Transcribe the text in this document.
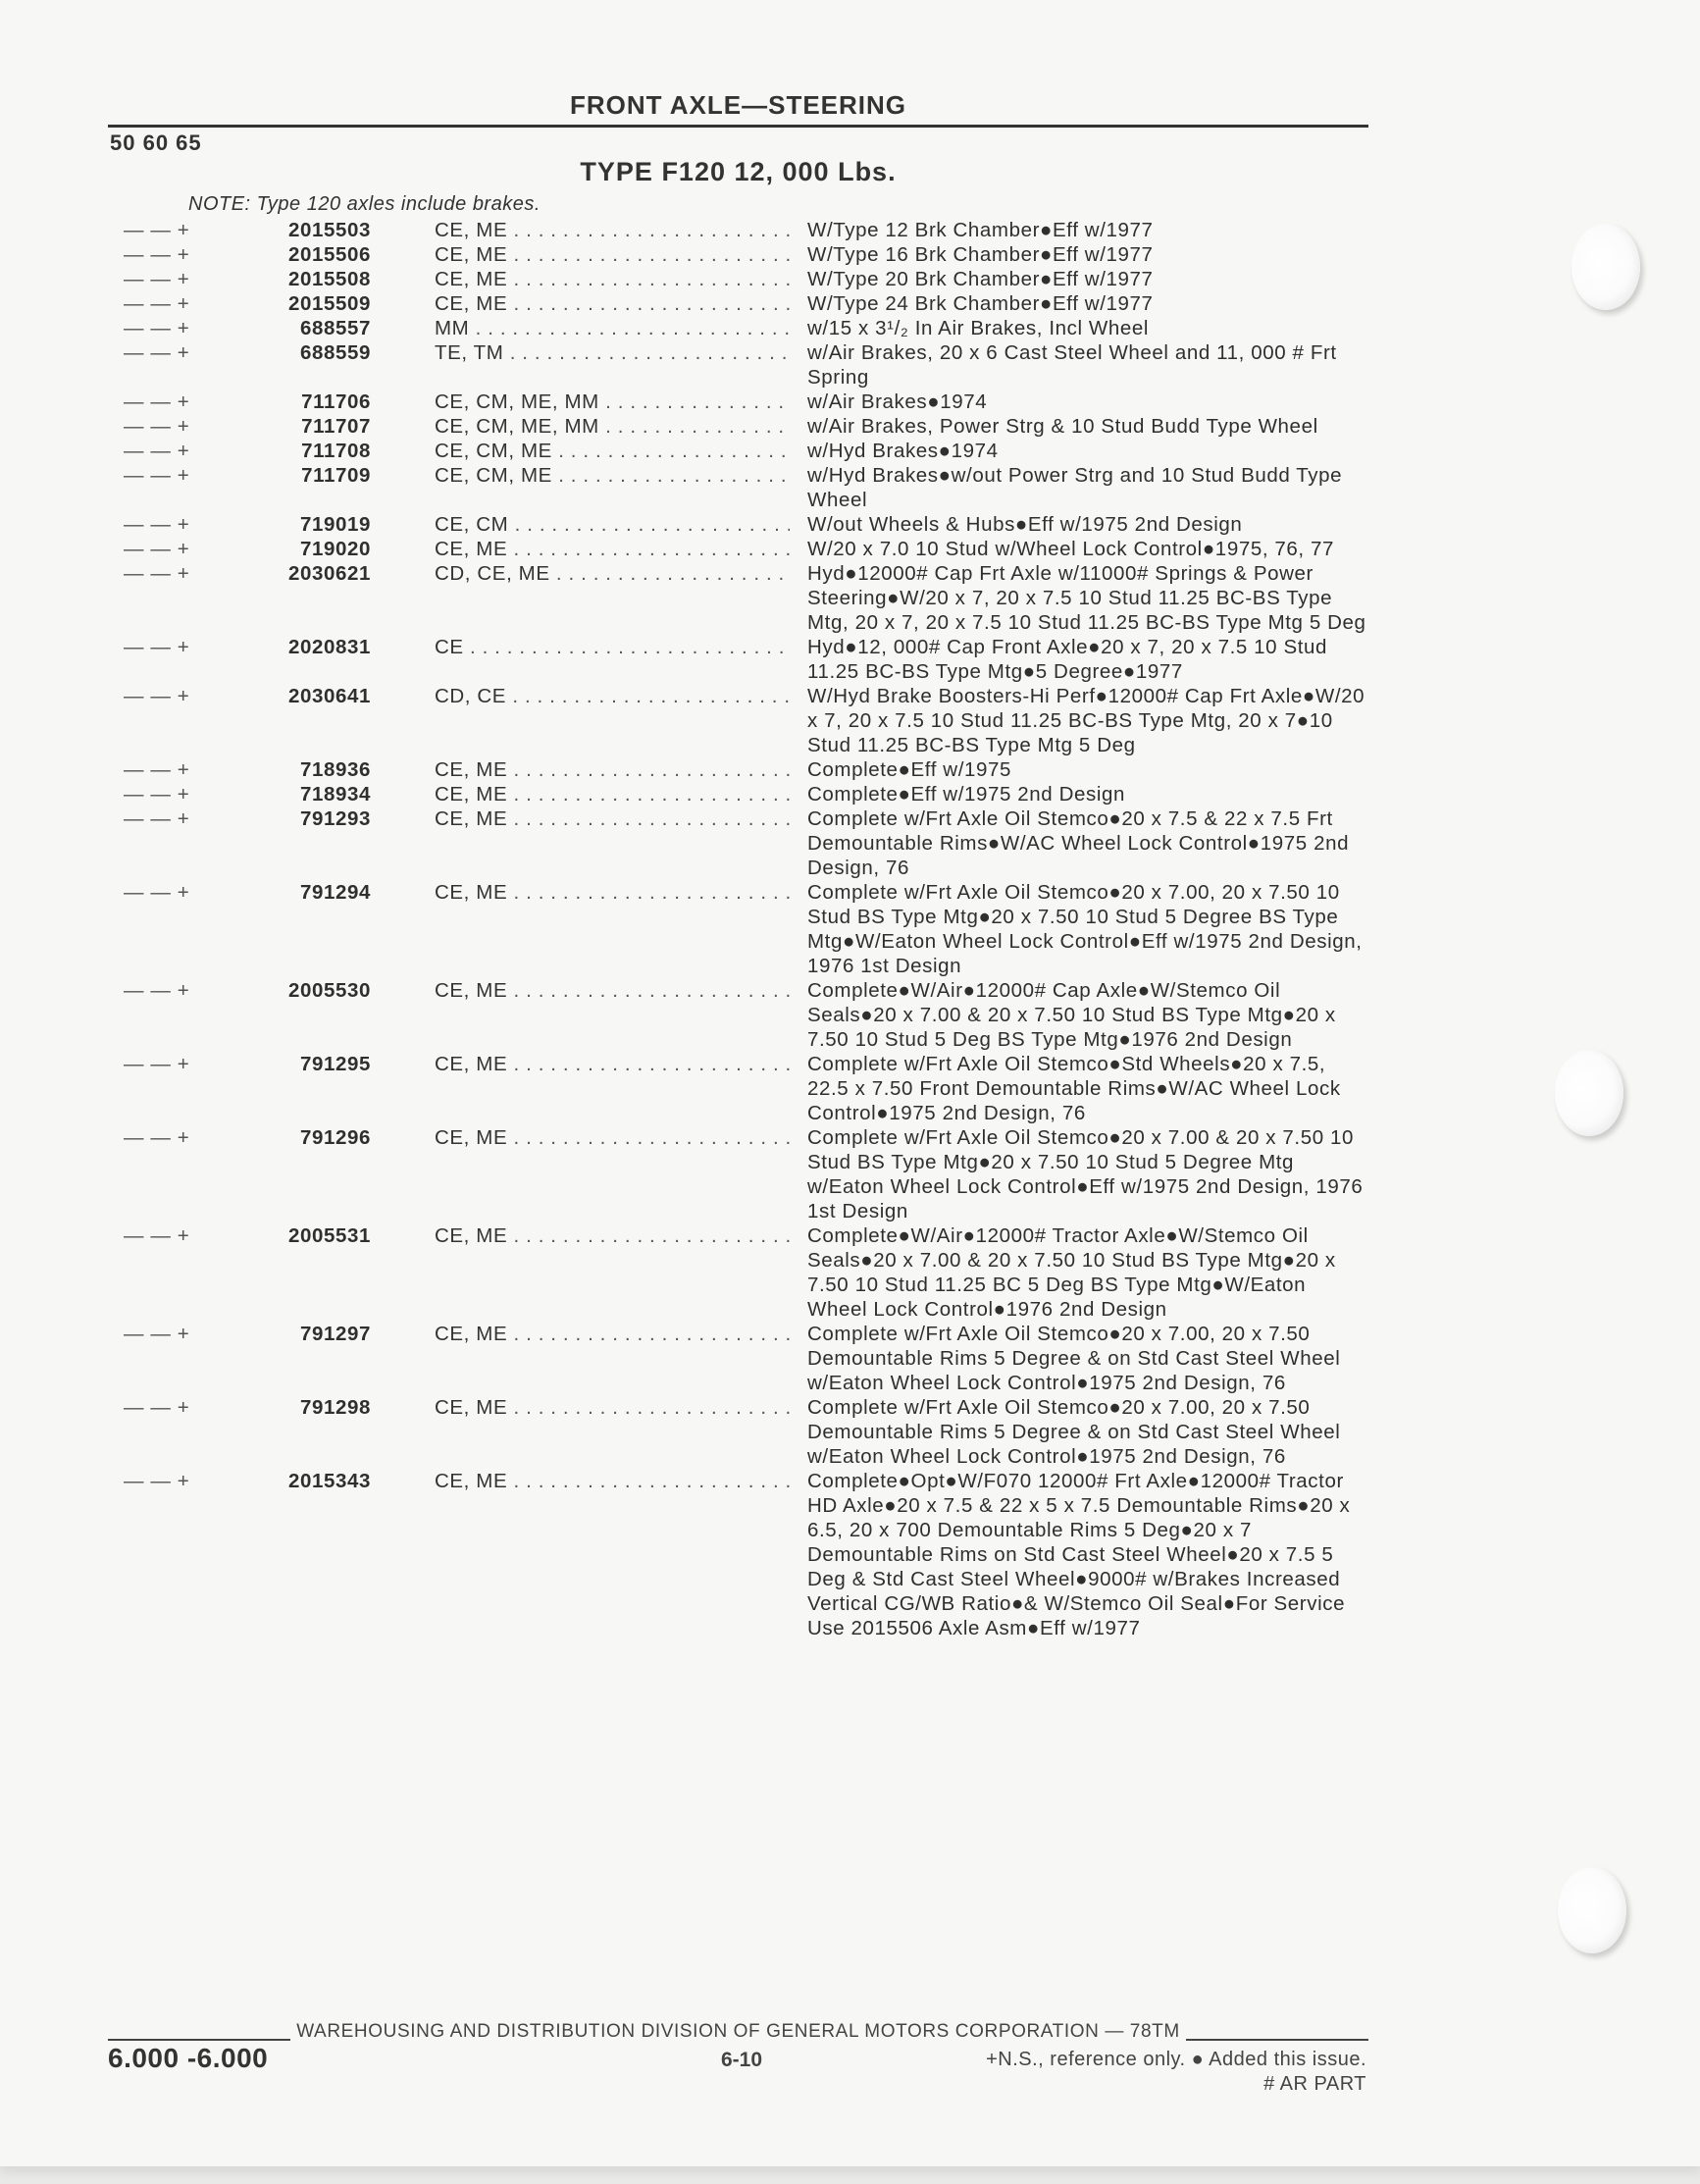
FRONT AXLE—STEERING
50 60 65
TYPE F120 12, 000 Lbs.
NOTE: Type 120 axles include brakes.
— — +	2015503	CE, ME . . .	W/Type 12 Brk Chamber●Eff w/1977
— — +	2015506	CE, ME . . .	W/Type 16 Brk Chamber●Eff w/1977
— — +	2015508	CE, ME . . .	W/Type 20 Brk Chamber●Eff w/1977
— — +	2015509	CE, ME . . .	W/Type 24 Brk Chamber●Eff w/1977
— — +	688557	MM . . .	w/15 x 3¹/₂ In Air Brakes, Incl Wheel
— — +	688559	TE, TM . . .	w/Air Brakes, 20 x 6 Cast Steel Wheel and 11, 000 # Frt Spring
— — +	711706	CE, CM, ME, MM . . .	w/Air Brakes●1974
— — +	711707	CE, CM, ME, MM . . .	w/Air Brakes, Power Strg & 10 Stud Budd Type Wheel
— — +	711708	CE, CM, ME . . .	w/Hyd Brakes●1974
— — +	711709	CE, CM, ME . . .	w/Hyd Brakes●w/out Power Strg and 10 Stud Budd Type Wheel
— — +	719019	CE, CM . . .	W/out Wheels & Hubs●Eff w/1975 2nd Design
— — +	719020	CE, ME . . .	W/20 x 7.0 10 Stud w/Wheel Lock Control●1975, 76, 77
— — +	2030621	CD, CE, ME . . .	Hyd●12000# Cap Frt Axle w/11000# Springs & Power Steering●W/20 x 7, 20 x 7.5 10 Stud 11.25 BC-BS Type Mtg, 20 x 7, 20 x 7.5 10 Stud 11.25 BC-BS Type Mtg 5 Deg
— — +	2020831	CE . . .	Hyd●12, 000# Cap Front Axle●20 x 7, 20 x 7.5 10 Stud 11.25 BC-BS Type Mtg●5 Degree●1977
— — +	2030641	CD, CE . . .	W/Hyd Brake Boosters-Hi Perf●12000# Cap Frt Axle●W/20 x 7, 20 x 7.5 10 Stud 11.25 BC-BS Type Mtg, 20 x 7●10 Stud 11.25 BC-BS Type Mtg 5 Deg
— — +	718936	CE, ME . . .	Complete●Eff w/1975
— — +	718934	CE, ME . . .	Complete●Eff w/1975 2nd Design
— — +	791293	CE, ME . . .	Complete w/Frt Axle Oil Stemco●20 x 7.5 & 22 x 7.5 Frt Demountable Rims●W/AC Wheel Lock Control●1975 2nd Design, 76
— — +	791294	CE, ME . . .	Complete w/Frt Axle Oil Stemco●20 x 7.00, 20 x 7.50 10 Stud BS Type Mtg●20 x 7.50 10 Stud 5 Degree BS Type Mtg●W/Eaton Wheel Lock Control●Eff w/1975 2nd Design, 1976 1st Design
— — +	2005530	CE, ME . . .	Complete●W/Air●12000# Cap Axle●W/Stemco Oil Seals●20 x 7.00 & 20 x 7.50 10 Stud BS Type Mtg●20 x 7.50 10 Stud 5 Deg BS Type Mtg●1976 2nd Design
— — +	791295	CE, ME . . .	Complete w/Frt Axle Oil Stemco●Std Wheels●20 x 7.5, 22.5 x 7.50 Front Demountable Rims●W/AC Wheel Lock Control●1975 2nd Design, 76
— — +	791296	CE, ME . . .	Complete w/Frt Axle Oil Stemco●20 x 7.00 & 20 x 7.50 10 Stud BS Type Mtg●20 x 7.50 10 Stud 5 Degree Mtg w/Eaton Wheel Lock Control●Eff w/1975 2nd Design, 1976 1st Design
— — +	2005531	CE, ME . . .	Complete●W/Air●12000# Tractor Axle●W/Stemco Oil Seals●20 x 7.00 & 20 x 7.50 10 Stud BS Type Mtg●20 x 7.50 10 Stud 11.25 BC 5 Deg BS Type Mtg●W/Eaton Wheel Lock Control●1976 2nd Design
— — +	791297	CE, ME . . .	Complete w/Frt Axle Oil Stemco●20 x 7.00, 20 x 7.50 Demountable Rims 5 Degree & on Std Cast Steel Wheel w/Eaton Wheel Lock Control●1975 2nd Design, 76
— — +	791298	CE, ME . . .	Complete w/Frt Axle Oil Stemco●20 x 7.00, 20 x 7.50 Demountable Rims 5 Degree & on Std Cast Steel Wheel w/Eaton Wheel Lock Control●1975 2nd Design, 76
— — +	2015343	CE, ME . . .	Complete●Opt●W/F070 12000# Frt Axle●12000# Tractor HD Axle●20 x 7.5 & 22 x 5 x 7.5 Demountable Rims●20 x 6.5, 20 x 700 Demountable Rims 5 Deg●20 x 7 Demountable Rims on Std Cast Steel Wheel●20 x 7.5 5 Deg & Std Cast Steel Wheel●9000# w/Brakes Increased Vertical CG/WB Ratio●& W/Stemco Oil Seal●For Service Use 2015506 Axle Asm●Eff w/1977
WAREHOUSING AND DISTRIBUTION DIVISION OF GENERAL MOTORS CORPORATION — 78TM
6.000 -6.000	6-10	+N.S., reference only. ● Added this issue.
# AR PART
